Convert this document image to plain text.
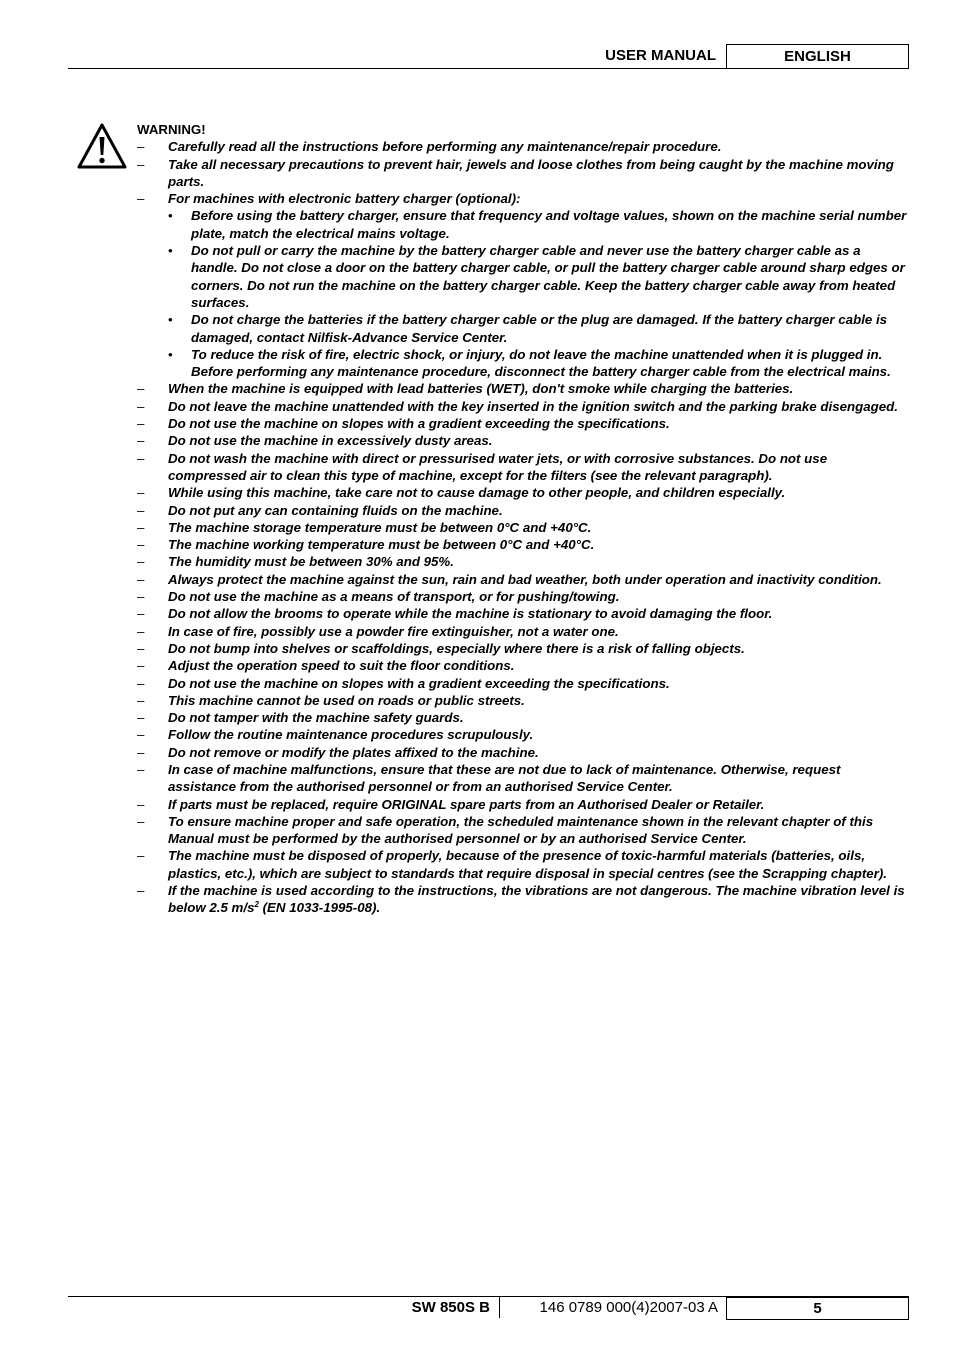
USER MANUAL	ENGLISH
WARNING!
– Carefully read all the instructions before performing any maintenance/repair procedure.
– Take all necessary precautions to prevent hair, jewels and loose clothes from being caught by the machine moving parts.
– For machines with electronic battery charger (optional):
• Before using the battery charger, ensure that frequency and voltage values, shown on the machine serial number plate, match the electrical mains voltage.
• Do not pull or carry the machine by the battery charger cable and never use the battery charger cable as a handle. Do not close a door on the battery charger cable, or pull the battery charger cable around sharp edges or corners. Do not run the machine on the battery charger cable. Keep the battery charger cable away from heated surfaces.
• Do not charge the batteries if the battery charger cable or the plug are damaged. If the battery charger cable is damaged, contact Nilfisk-Advance Service Center.
• To reduce the risk of fire, electric shock, or injury, do not leave the machine unattended when it is plugged in. Before performing any maintenance procedure, disconnect the battery charger cable from the electrical mains.
– When the machine is equipped with lead batteries (WET), don't smoke while charging the batteries.
– Do not leave the machine unattended with the key inserted in the ignition switch and the parking brake disengaged.
– Do not use the machine on slopes with a gradient exceeding the specifications.
– Do not use the machine in excessively dusty areas.
– Do not wash the machine with direct or pressurised water jets, or with corrosive substances. Do not use compressed air to clean this type of machine, except for the filters (see the relevant paragraph).
– While using this machine, take care not to cause damage to other people, and children especially.
– Do not put any can containing fluids on the machine.
– The machine storage temperature must be between 0°C and +40°C.
– The machine working temperature must be between 0°C and +40°C.
– The humidity must be between 30% and 95%.
– Always protect the machine against the sun, rain and bad weather, both under operation and inactivity condition.
– Do not use the machine as a means of transport, or for pushing/towing.
– Do not allow the brooms to operate while the machine is stationary to avoid damaging the floor.
– In case of fire, possibly use a powder fire extinguisher, not a water one.
– Do not bump into shelves or scaffoldings, especially where there is a risk of falling objects.
– Adjust the operation speed to suit the floor conditions.
– Do not use the machine on slopes with a gradient exceeding the specifications.
– This machine cannot be used on roads or public streets.
– Do not tamper with the machine safety guards.
– Follow the routine maintenance procedures scrupulously.
– Do not remove or modify the plates affixed to the machine.
– In case of machine malfunctions, ensure that these are not due to lack of maintenance. Otherwise, request assistance from the authorised personnel or from an authorised Service Center.
– If parts must be replaced, require ORIGINAL spare parts from an Authorised Dealer or Retailer.
– To ensure machine proper and safe operation, the scheduled maintenance shown in the relevant chapter of this Manual must be performed by the authorised personnel or by an authorised Service Center.
– The machine must be disposed of properly, because of the presence of toxic-harmful materials (batteries, oils, plastics, etc.), which are subject to standards that require disposal in special centres (see the Scrapping chapter).
– If the machine is used according to the instructions, the vibrations are not dangerous. The machine vibration level is below 2.5 $m/s^2$ (EN 1033-1995-08).
SW 850S B	146 0789 000(4)2007-03 A	5
